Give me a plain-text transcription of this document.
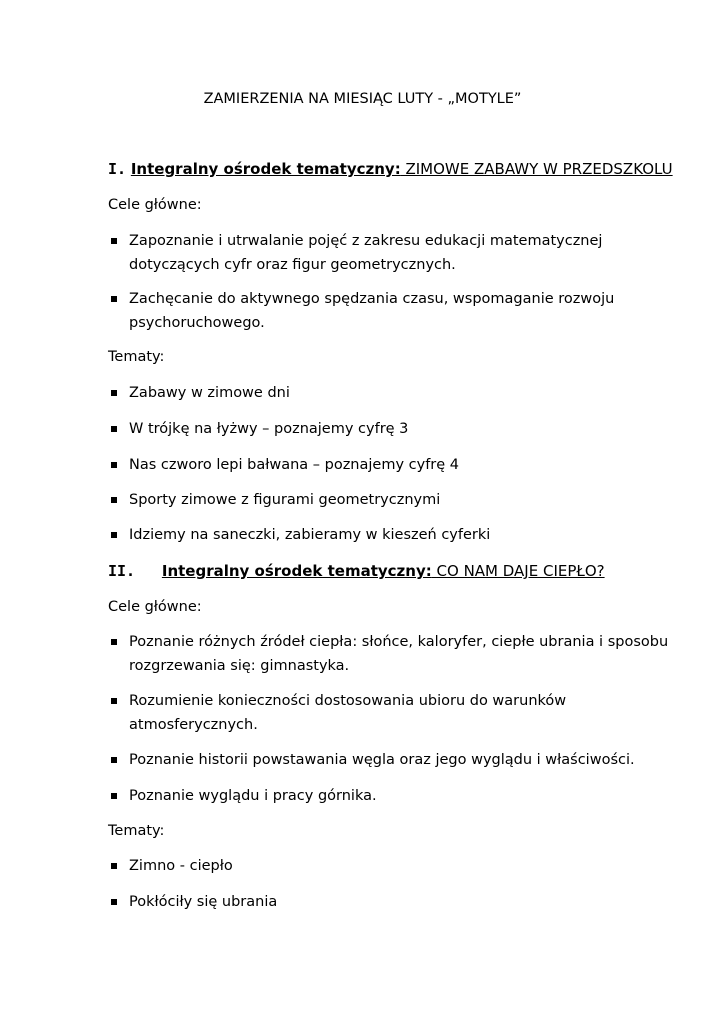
ZAMIERZENIA NA MIESIĄC LUTY - „MOTYLE”
I. Integralny ośrodek tematyczny: ZIMOWE ZABAWY W PRZEDSZKOLU
Cele główne:
Zapoznanie i utrwalanie pojęć z zakresu edukacji matematycznej
dotyczących cyfr oraz figur geometrycznych.
Zachęcanie do aktywnego spędzania czasu, wspomaganie rozwoju
psychoruchowego.
Tematy:
Zabawy w zimowe dni
W trójkę na łyżwy – poznajemy cyfrę 3
Nas czworo lepi bałwana – poznajemy cyfrę 4
Sporty zimowe z figurami geometrycznymi
Idziemy na saneczki, zabieramy w kieszeń cyferki
II. Integralny ośrodek tematyczny: CO NAM DAJE CIEPŁO?
Cele główne:
Poznanie różnych źródeł ciepła: słońce, kaloryfer, ciepłe ubrania i sposobu
rozgrzewania się: gimnastyka.
Rozumienie konieczności dostosowania ubioru do warunków
atmosferycznych.
Poznanie historii powstawania węgla oraz jego wyglądu i właściwości.
Poznanie wyglądu i pracy górnika.
Tematy:
Zimno - ciepło
Pokłóciły się ubrania
